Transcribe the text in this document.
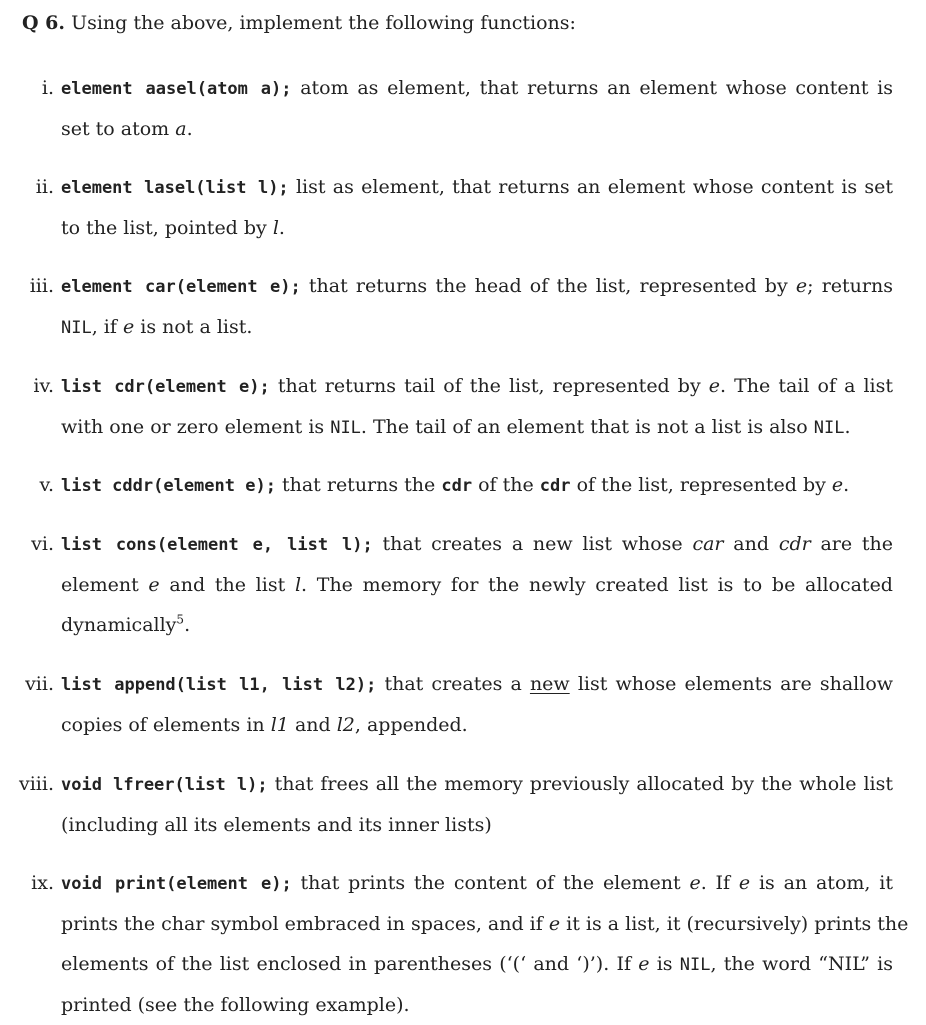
Q 6. Using the above, implement the following functions:
i. element aasel(atom a); atom as element, that returns an element whose content is
set to atom a.
ii. element lasel(list l); list as element, that returns an element whose content is set
to the list, pointed by l.
iii. element car(element e); that returns the head of the list, represented by e; returns
NIL, if e is not a list.
iv. list cdr(element e); that returns tail of the list, represented by e. The tail of a list
with one or zero element is NIL. The tail of an element that is not a list is also NIL.
v. list cddr(element e); that returns the cdr of the cdr of the list, represented by e.
vi. list cons(element e, list l); that creates a new list whose car and cdr are the
element e and the list l. The memory for the newly created list is to be allocated
dynamically$^5$.
vii. list append(list l1, list l2); that creates a new list whose elements are shallow
copies of elements in l1 and l2, appended.
viii. void lfreer(list l); that frees all the memory previously allocated by the whole list
(including all its elements and its inner lists)
ix. void print(element e); that prints the content of the element e. If e is an atom, it
prints the char symbol embraced in spaces, and if e it is a list, it (recursively) prints the
elements of the list enclosed in parentheses (‘(‘ and ‘)’). If e is NIL, the word “NIL” is
printed (see the following example).
